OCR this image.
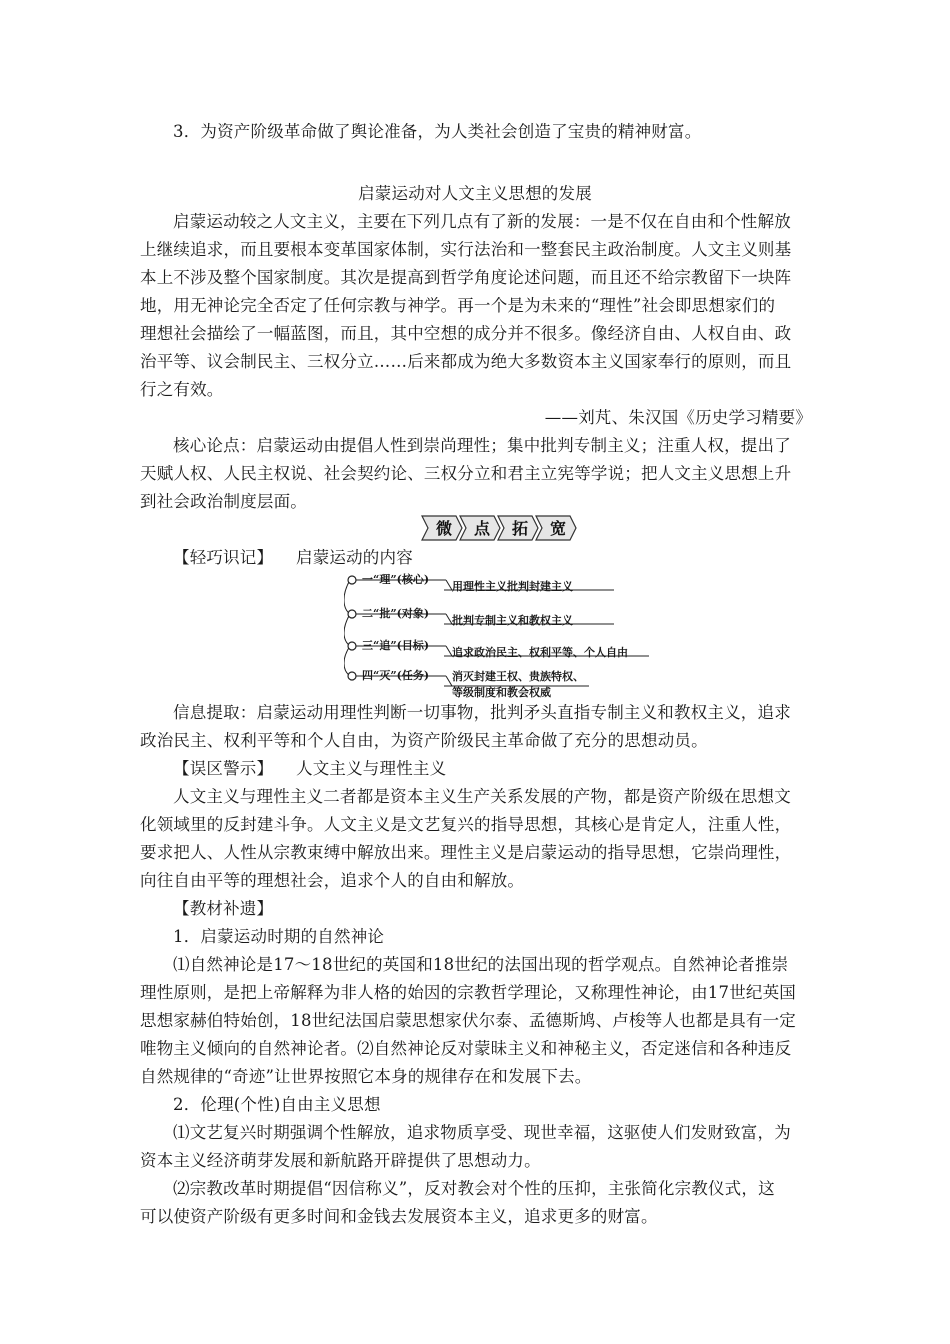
3．为资产阶级革命做了舆论准备，为人类社会创造了宝贵的精神财富。
启蒙运动对人文主义思想的发展
启蒙运动较之人文主义，主要在下列几点有了新的发展：一是不仅在自由和个性解放
上继续追求，而且要根本变革国家体制，实行法治和一整套民主政治制度。人文主义则基
本上不涉及整个国家制度。其次是提高到哲学角度论述问题，而且还不给宗教留下一块阵
地，用无神论完全否定了任何宗教与神学。再一个是为未来的“理性”社会即思想家们的
理想社会描绘了一幅蓝图，而且，其中空想的成分并不很多。像经济自由、人权自由、政
治平等、议会制民主、三权分立……后来都成为绝大多数资本主义国家奉行的原则，而且
行之有效。
——刘芃、朱汉国《历史学习精要》
核心论点：启蒙运动由提倡人性到崇尚理性；集中批判专制主义；注重人权，提出了
天赋人权、人民主权说、社会契约论、三权分立和君主立宪等学说；把人文主义思想上升
到社会政治制度层面。
微 点 拓 宽
【轻巧识记】 启蒙运动的内容
一“理”(核心)
用理性主义批判封建主义
二“批”(对象)
批判专制主义和教权主义
三“追”(目标)
追求政治民主、权利平等、个人自由
四“灭”(任务) 消灭封建王权、贵族特权、
等级制度和教会权威
信息提取：启蒙运动用理性判断一切事物，批判矛头直指专制主义和教权主义，追求
政治民主、权利平等和个人自由，为资产阶级民主革命做了充分的思想动员。
【误区警示】 人文主义与理性主义
人文主义与理性主义二者都是资本主义生产关系发展的产物，都是资产阶级在思想文
化领域里的反封建斗争。人文主义是文艺复兴的指导思想，其核心是肯定人，注重人性，
要求把人、人性从宗教束缚中解放出来。理性主义是启蒙运动的指导思想，它崇尚理性，
向往自由平等的理想社会，追求个人的自由和解放。
【教材补遗】
1．启蒙运动时期的自然神论
⑴自然神论是17～18世纪的英国和18世纪的法国出现的哲学观点。自然神论者推崇
理性原则，是把上帝解释为非人格的始因的宗教哲学理论，又称理性神论，由17世纪英国
思想家赫伯特始创，18世纪法国启蒙思想家伏尔泰、孟德斯鸠、卢梭等人也都是具有一定
唯物主义倾向的自然神论者。⑵自然神论反对蒙昧主义和神秘主义，否定迷信和各种违反
自然规律的“奇迹”让世界按照它本身的规律存在和发展下去。
2．伦理(个性)自由主义思想
⑴文艺复兴时期强调个性解放，追求物质享受、现世幸福，这驱使人们发财致富，为
资本主义经济萌芽发展和新航路开辟提供了思想动力。
⑵宗教改革时期提倡“因信称义”，反对教会对个性的压抑，主张简化宗教仪式，这
可以使资产阶级有更多时间和金钱去发展资本主义，追求更多的财富。
